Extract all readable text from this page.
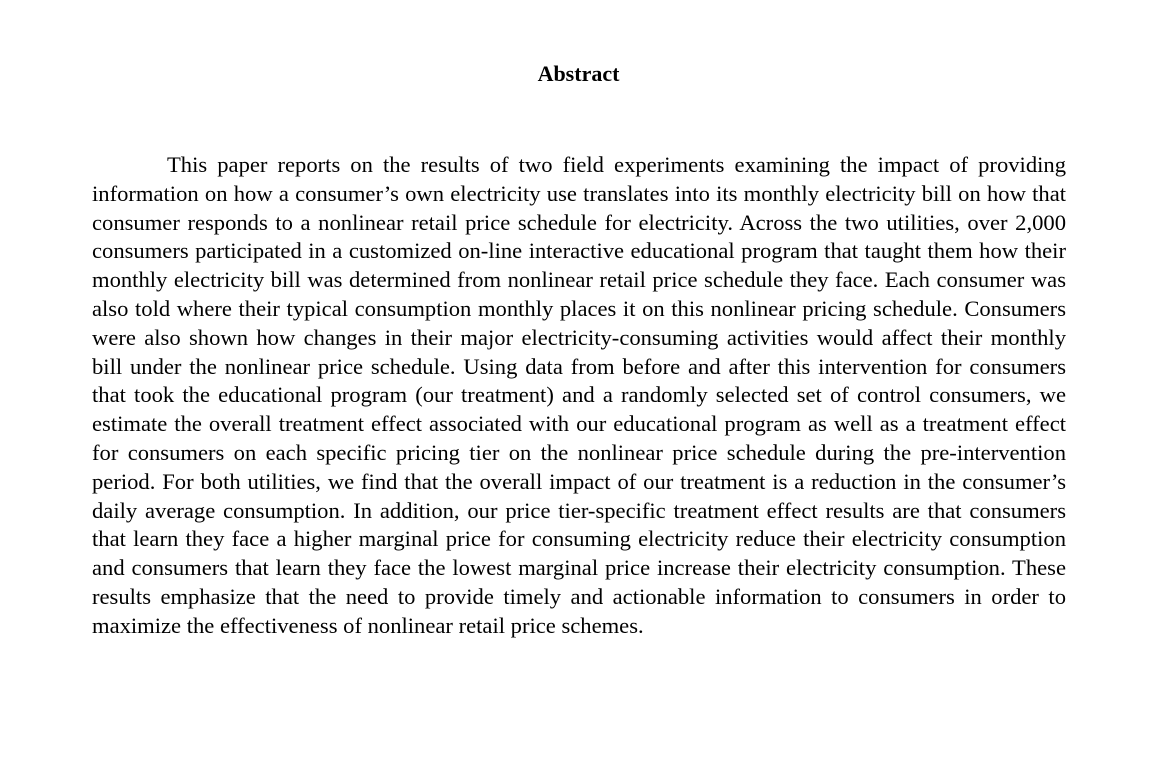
Abstract

This paper reports on the results of two field experiments examining the impact of providing information on how a consumer’s own electricity use translates into its monthly electricity bill on how that consumer responds to a nonlinear retail price schedule for electricity. Across the two utilities, over 2,000 consumers participated in a customized on-line interactive educational program that taught them how their monthly electricity bill was determined from nonlinear retail price schedule they face. Each consumer was also told where their typical consumption monthly places it on this nonlinear pricing schedule. Consumers were also shown how changes in their major electricity-consuming activities would affect their monthly bill under the nonlinear price schedule. Using data from before and after this intervention for consumers that took the educational program (our treatment) and a randomly selected set of control consumers, we estimate the overall treatment effect associated with our educational program as well as a treatment effect for consumers on each specific pricing tier on the nonlinear price schedule during the pre-intervention period. For both utilities, we find that the overall impact of our treatment is a reduction in the consumer’s daily average consumption. In addition, our price tier-specific treatment effect results are that consumers that learn they face a higher marginal price for consuming electricity reduce their electricity consumption and consumers that learn they face the lowest marginal price increase their electricity consumption. These results emphasize that the need to provide timely and actionable information to consumers in order to maximize the effectiveness of nonlinear retail price schemes.
